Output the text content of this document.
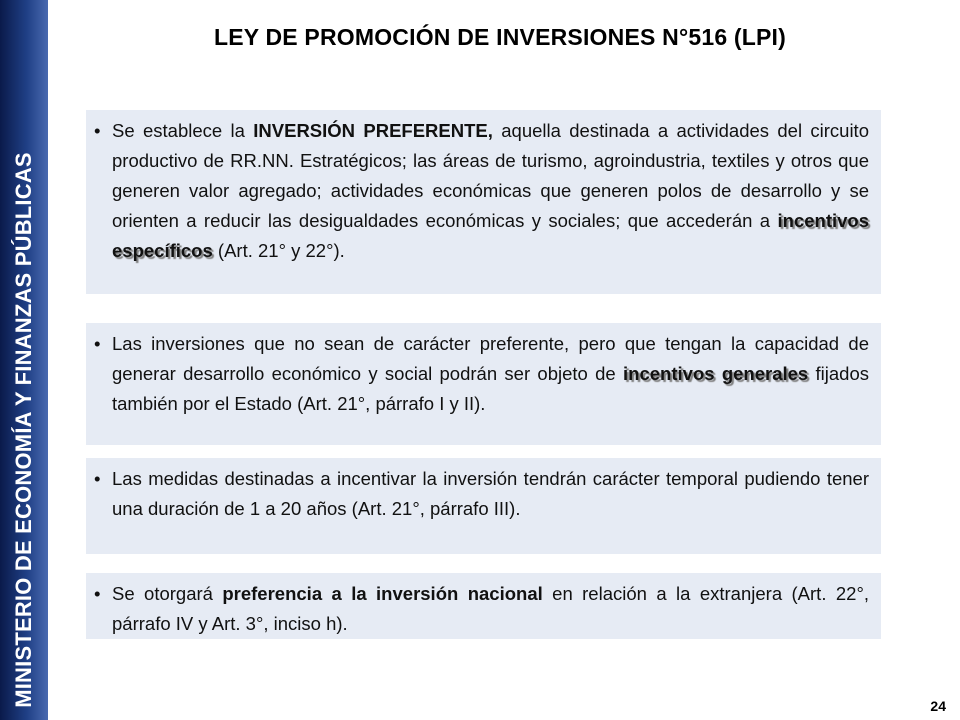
MINISTERIO DE ECONOMÍA Y FINANZAS PÚBLICAS
LEY DE PROMOCIÓN DE INVERSIONES N°516 (LPI)
• Se establece la INVERSIÓN PREFERENTE, aquella destinada a actividades del circuito productivo de RR.NN. Estratégicos; las áreas de turismo, agroindustria, textiles y otros que generen valor agregado; actividades económicas que generen polos de desarrollo y se orienten a reducir las desigualdades económicas y sociales; que accederán a incentivos específicos (Art. 21° y 22°).
• Las inversiones que no sean de carácter preferente, pero que tengan la capacidad de generar desarrollo económico y social podrán ser objeto de incentivos generales fijados también por el Estado (Art. 21°, párrafo I y II).
• Las medidas destinadas a incentivar la inversión tendrán carácter temporal pudiendo tener una duración de 1 a 20 años (Art. 21°, párrafo III).
• Se otorgará preferencia a la inversión nacional en relación a la extranjera (Art. 22°, párrafo IV y Art. 3°, inciso h).
24
